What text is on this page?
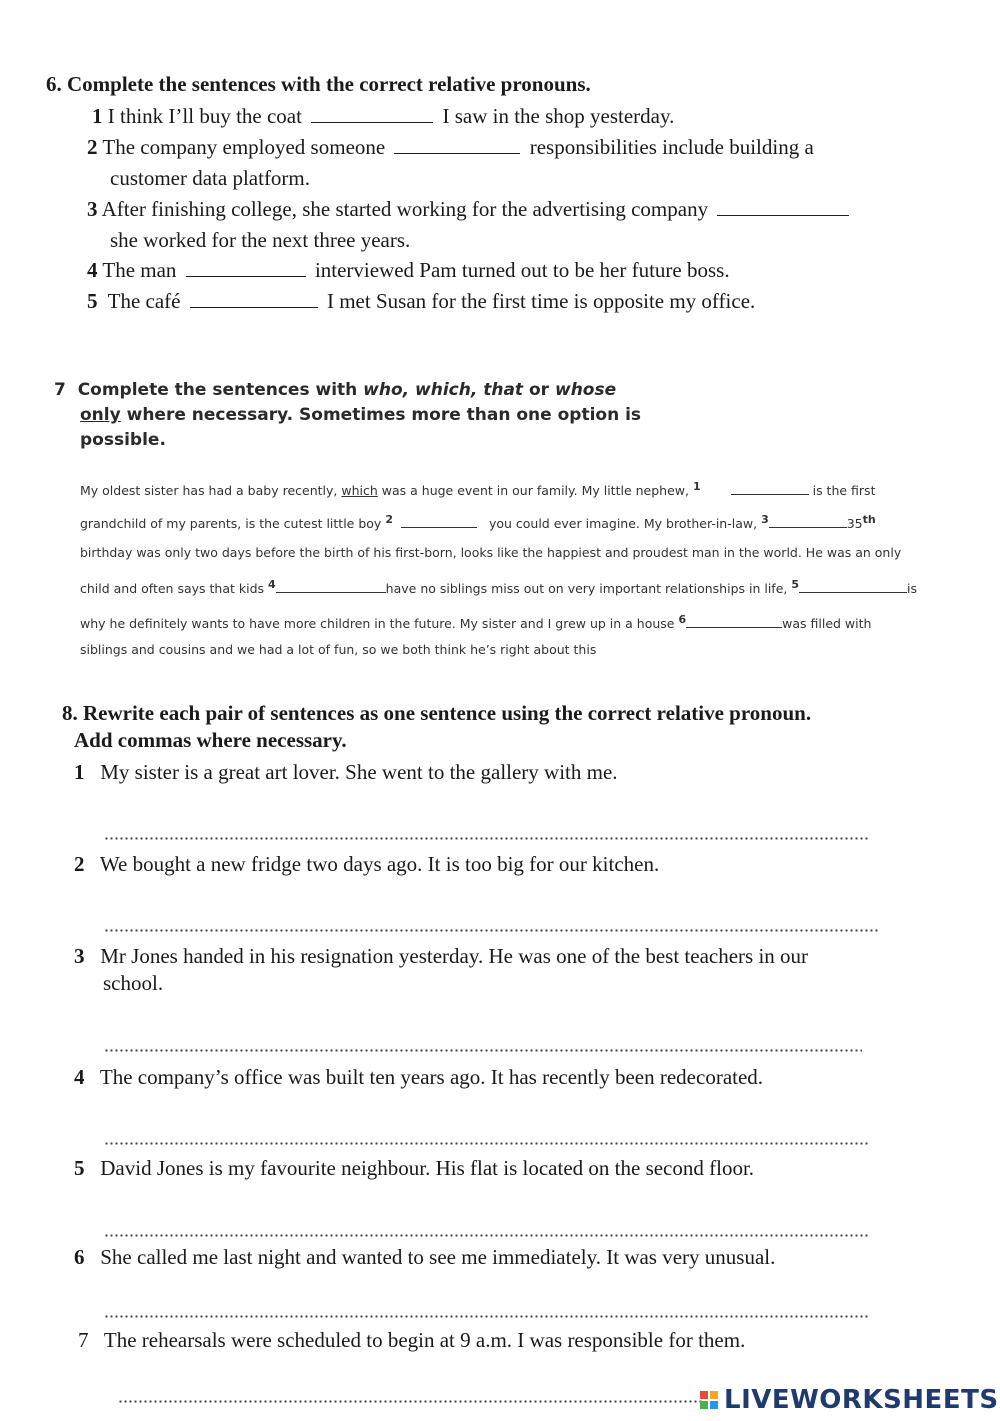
6. Complete the sentences with the correct relative pronouns.
1 I think I’ll buy the coat	I saw in the shop yesterday.
2 The company employed someone	responsibilities include building a
customer data platform.
3 After finishing college, she started working for the advertising company
she worked for the next three years.
4 The man	interviewed Pam turned out to be her future boss.
5 The café	I met Susan for the first time is opposite my office.
7 Complete the sentences with who, which, that or whose
only where necessary. Sometimes more than one option is
possible.
My oldest sister has had a baby recently, which was a huge event in our family. My little nephew, $^1$	is the first
grandchild of my parents, is the cutest little boy $^2$	you could ever imagine. My brother-in-law, $^3$	35th
birthday was only two days before the birth of his first-born, looks like the happiest and proudest man in the world. He was an only
child and often says that kids $^4$	have no siblings miss out on very important relationships in life, $^5$	is
why he definitely wants to have more children in the future. My sister and I grew up in a house $^6$	was filled with
siblings and cousins and we had a lot of fun, so we both think he’s right about this
8. Rewrite each pair of sentences as one sentence using the correct relative pronoun.
Add commas where necessary.
1 My sister is a great art lover. She went to the gallery with me.
2 We bought a new fridge two days ago. It is too big for our kitchen.
3 Mr Jones handed in his resignation yesterday. He was one of the best teachers in our
school.
4 The company’s office was built ten years ago. It has recently been redecorated.
5 David Jones is my favourite neighbour. His flat is located on the second floor.
6 She called me last night and wanted to see me immediately. It was very unusual.
7 The rehearsals were scheduled to begin at 9 a.m. I was responsible for them.
LIVEWORKSHEETS
